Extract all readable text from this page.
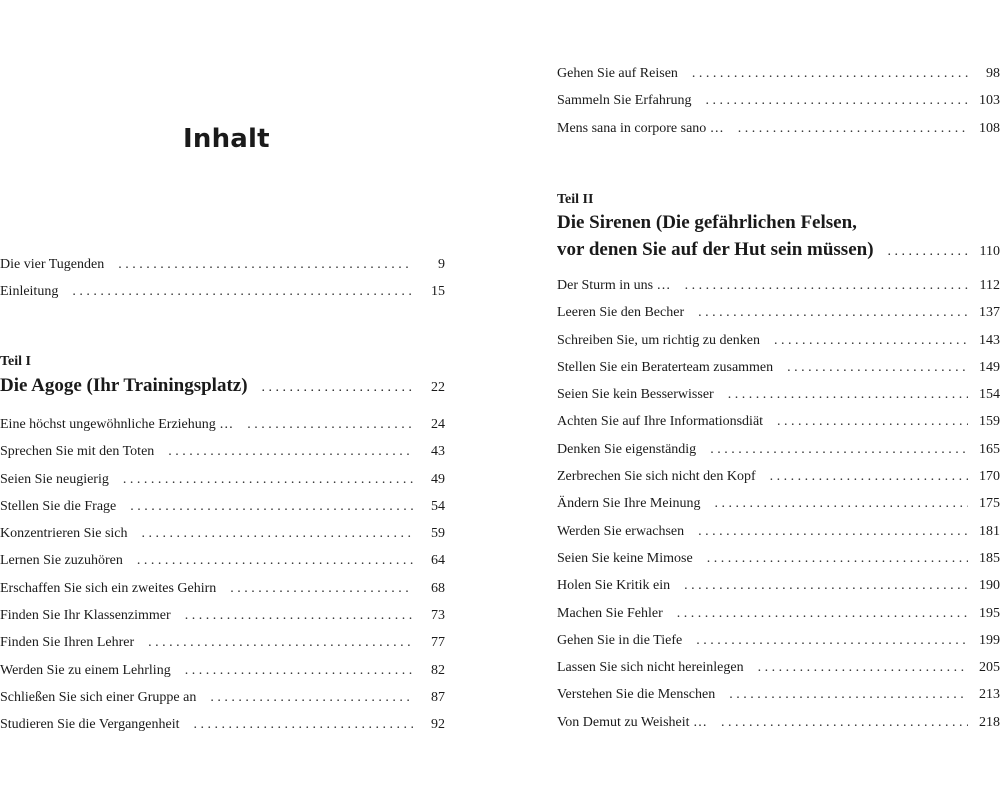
Inhalt
Die vier Tugenden . . .	9
Einleitung . . .	15
Teil I
Die Agoge (Ihr Trainingsplatz) . . .	22
Eine höchst ungewöhnliche Erziehung … . . .	24
Sprechen Sie mit den Toten . . .	43
Seien Sie neugierig . . .	49
Stellen Sie die Frage . . .	54
Konzentrieren Sie sich . . .	59
Lernen Sie zuzuhören . . .	64
Erschaffen Sie sich ein zweites Gehirn . . .	68
Finden Sie Ihr Klassenzimmer . . .	73
Finden Sie Ihren Lehrer . . .	77
Werden Sie zu einem Lehrling . . .	82
Schließen Sie sich einer Gruppe an . . .	87
Studieren Sie die Vergangenheit . . .	92
Gehen Sie auf Reisen . . .	98
Sammeln Sie Erfahrung . . .	103
Mens sana in corpore sano … . . .	108
Teil II
Die Sirenen (Die gefährlichen Felsen,
vor denen Sie auf der Hut sein müssen) . . .	110
Der Sturm in uns … . . .	112
Leeren Sie den Becher . . .	137
Schreiben Sie, um richtig zu denken . . .	143
Stellen Sie ein Beraterteam zusammen . . .	149
Seien Sie kein Besserwisser . . .	154
Achten Sie auf Ihre Informationsdiät . . .	159
Denken Sie eigenständig . . .	165
Zerbrechen Sie sich nicht den Kopf . . .	170
Ändern Sie Ihre Meinung . . .	175
Werden Sie erwachsen . . .	181
Seien Sie keine Mimose . . .	185
Holen Sie Kritik ein . . .	190
Machen Sie Fehler . . .	195
Gehen Sie in die Tiefe . . .	199
Lassen Sie sich nicht hereinlegen . . .	205
Verstehen Sie die Menschen . . .	213
Von Demut zu Weisheit … . . .	218
